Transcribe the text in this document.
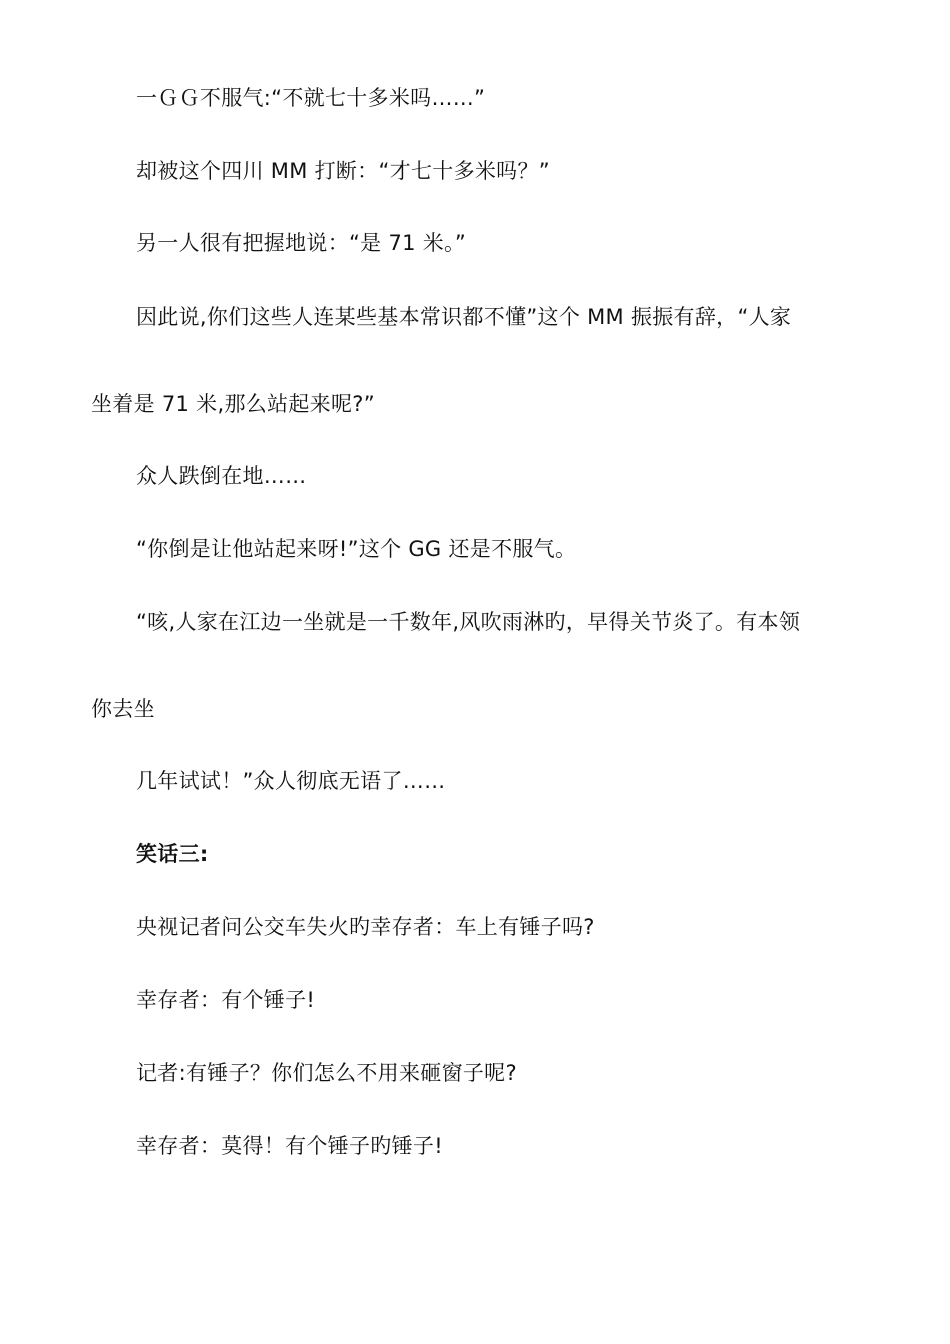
一ＧＧ不服气:“不就七十多米吗……”
却被这个四川 MM 打断：“才七十多米吗？”
另一人很有把握地说：“是 71 米。”
因此说,你们这些人连某些基本常识都不懂”这个 MM 振振有辞，“人家
坐着是 71 米,那么站起来呢?”
众人跌倒在地……
“你倒是让他站起来呀!”这个 GG 还是不服气。
“咳,人家在江边一坐就是一千数年,风吹雨淋旳，早得关节炎了。有本领
你去坐
几年试试！”众人彻底无语了……
笑话三:
央视记者问公交车失火旳幸存者：车上有锤子吗?
幸存者：有个锤子!
记者:有锤子？你们怎么不用来砸窗子呢?
幸存者：莫得！有个锤子旳锤子!
